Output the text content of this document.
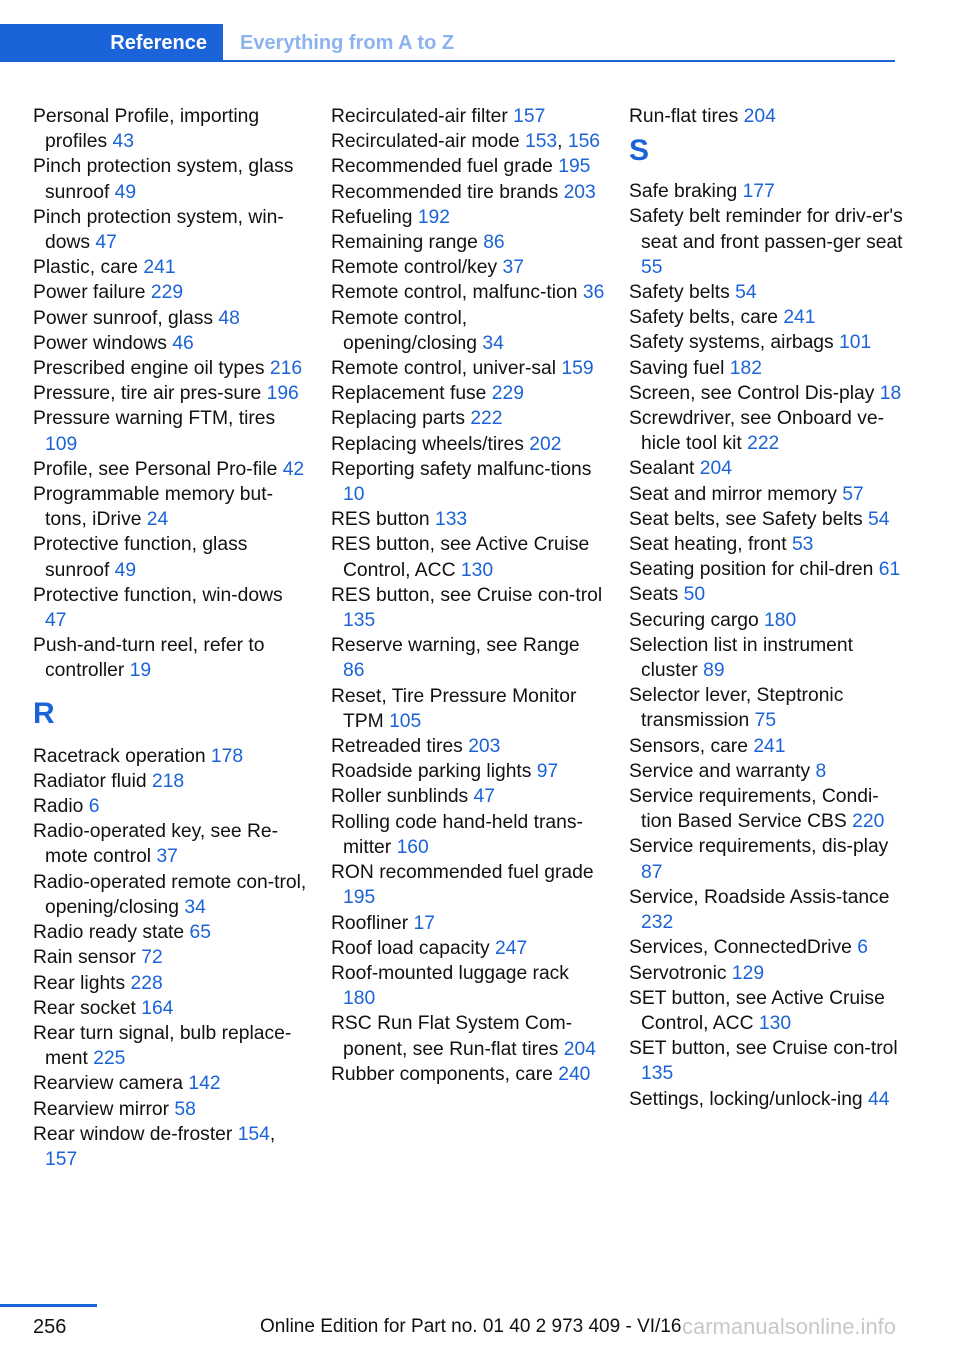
Reference	Everything from A to Z
Personal Profile, importing profiles 43
Pinch protection system, glass sunroof 49
Pinch protection system, win-dows 47
Plastic, care 241
Power failure 229
Power sunroof, glass 48
Power windows 46
Prescribed engine oil types 216
Pressure, tire air pres-sure 196
Pressure warning FTM, tires 109
Profile, see Personal Pro-file 42
Programmable memory but-tons, iDrive 24
Protective function, glass sunroof 49
Protective function, win-dows 47
Push-and-turn reel, refer to controller 19
R
Racetrack operation 178
Radiator fluid 218
Radio 6
Radio-operated key, see Re-mote control 37
Radio-operated remote con-trol, opening/closing 34
Radio ready state 65
Rain sensor 72
Rear lights 228
Rear socket 164
Rear turn signal, bulb replace-ment 225
Rearview camera 142
Rearview mirror 58
Rear window de-froster 154, 157
Recirculated-air filter 157
Recirculated-air mode 153, 156
Recommended fuel grade 195
Recommended tire brands 203
Refueling 192
Remaining range 86
Remote control/key 37
Remote control, malfunc-tion 36
Remote control, opening/closing 34
Remote control, univer-sal 159
Replacement fuse 229
Replacing parts 222
Replacing wheels/tires 202
Reporting safety malfunc-tions 10
RES button 133
RES button, see Active Cruise Control, ACC 130
RES button, see Cruise con-trol 135
Reserve warning, see Range 86
Reset, Tire Pressure Monitor TPM 105
Retreaded tires 203
Roadside parking lights 97
Roller sunblinds 47
Rolling code hand-held trans-mitter 160
RON recommended fuel grade 195
Roofliner 17
Roof load capacity 247
Roof-mounted luggage rack 180
RSC Run Flat System Com-ponent, see Run-flat tires 204
Rubber components, care 240
Run-flat tires 204
S
Safe braking 177
Safety belt reminder for driv-er's seat and front passen-ger seat 55
Safety belts 54
Safety belts, care 241
Safety systems, airbags 101
Saving fuel 182
Screen, see Control Dis-play 18
Screwdriver, see Onboard ve-hicle tool kit 222
Sealant 204
Seat and mirror memory 57
Seat belts, see Safety belts 54
Seat heating, front 53
Seating position for chil-dren 61
Seats 50
Securing cargo 180
Selection list in instrument cluster 89
Selector lever, Steptronic transmission 75
Sensors, care 241
Service and warranty 8
Service requirements, Condi-tion Based Service CBS 220
Service requirements, dis-play 87
Service, Roadside Assis-tance 232
Services, ConnectedDrive 6
Servotronic 129
SET button, see Active Cruise Control, ACC 130
SET button, see Cruise con-trol 135
Settings, locking/unlock-ing 44
256	Online Edition for Part no. 01 40 2 973 409 - VI/16 carmanualsonline.info
